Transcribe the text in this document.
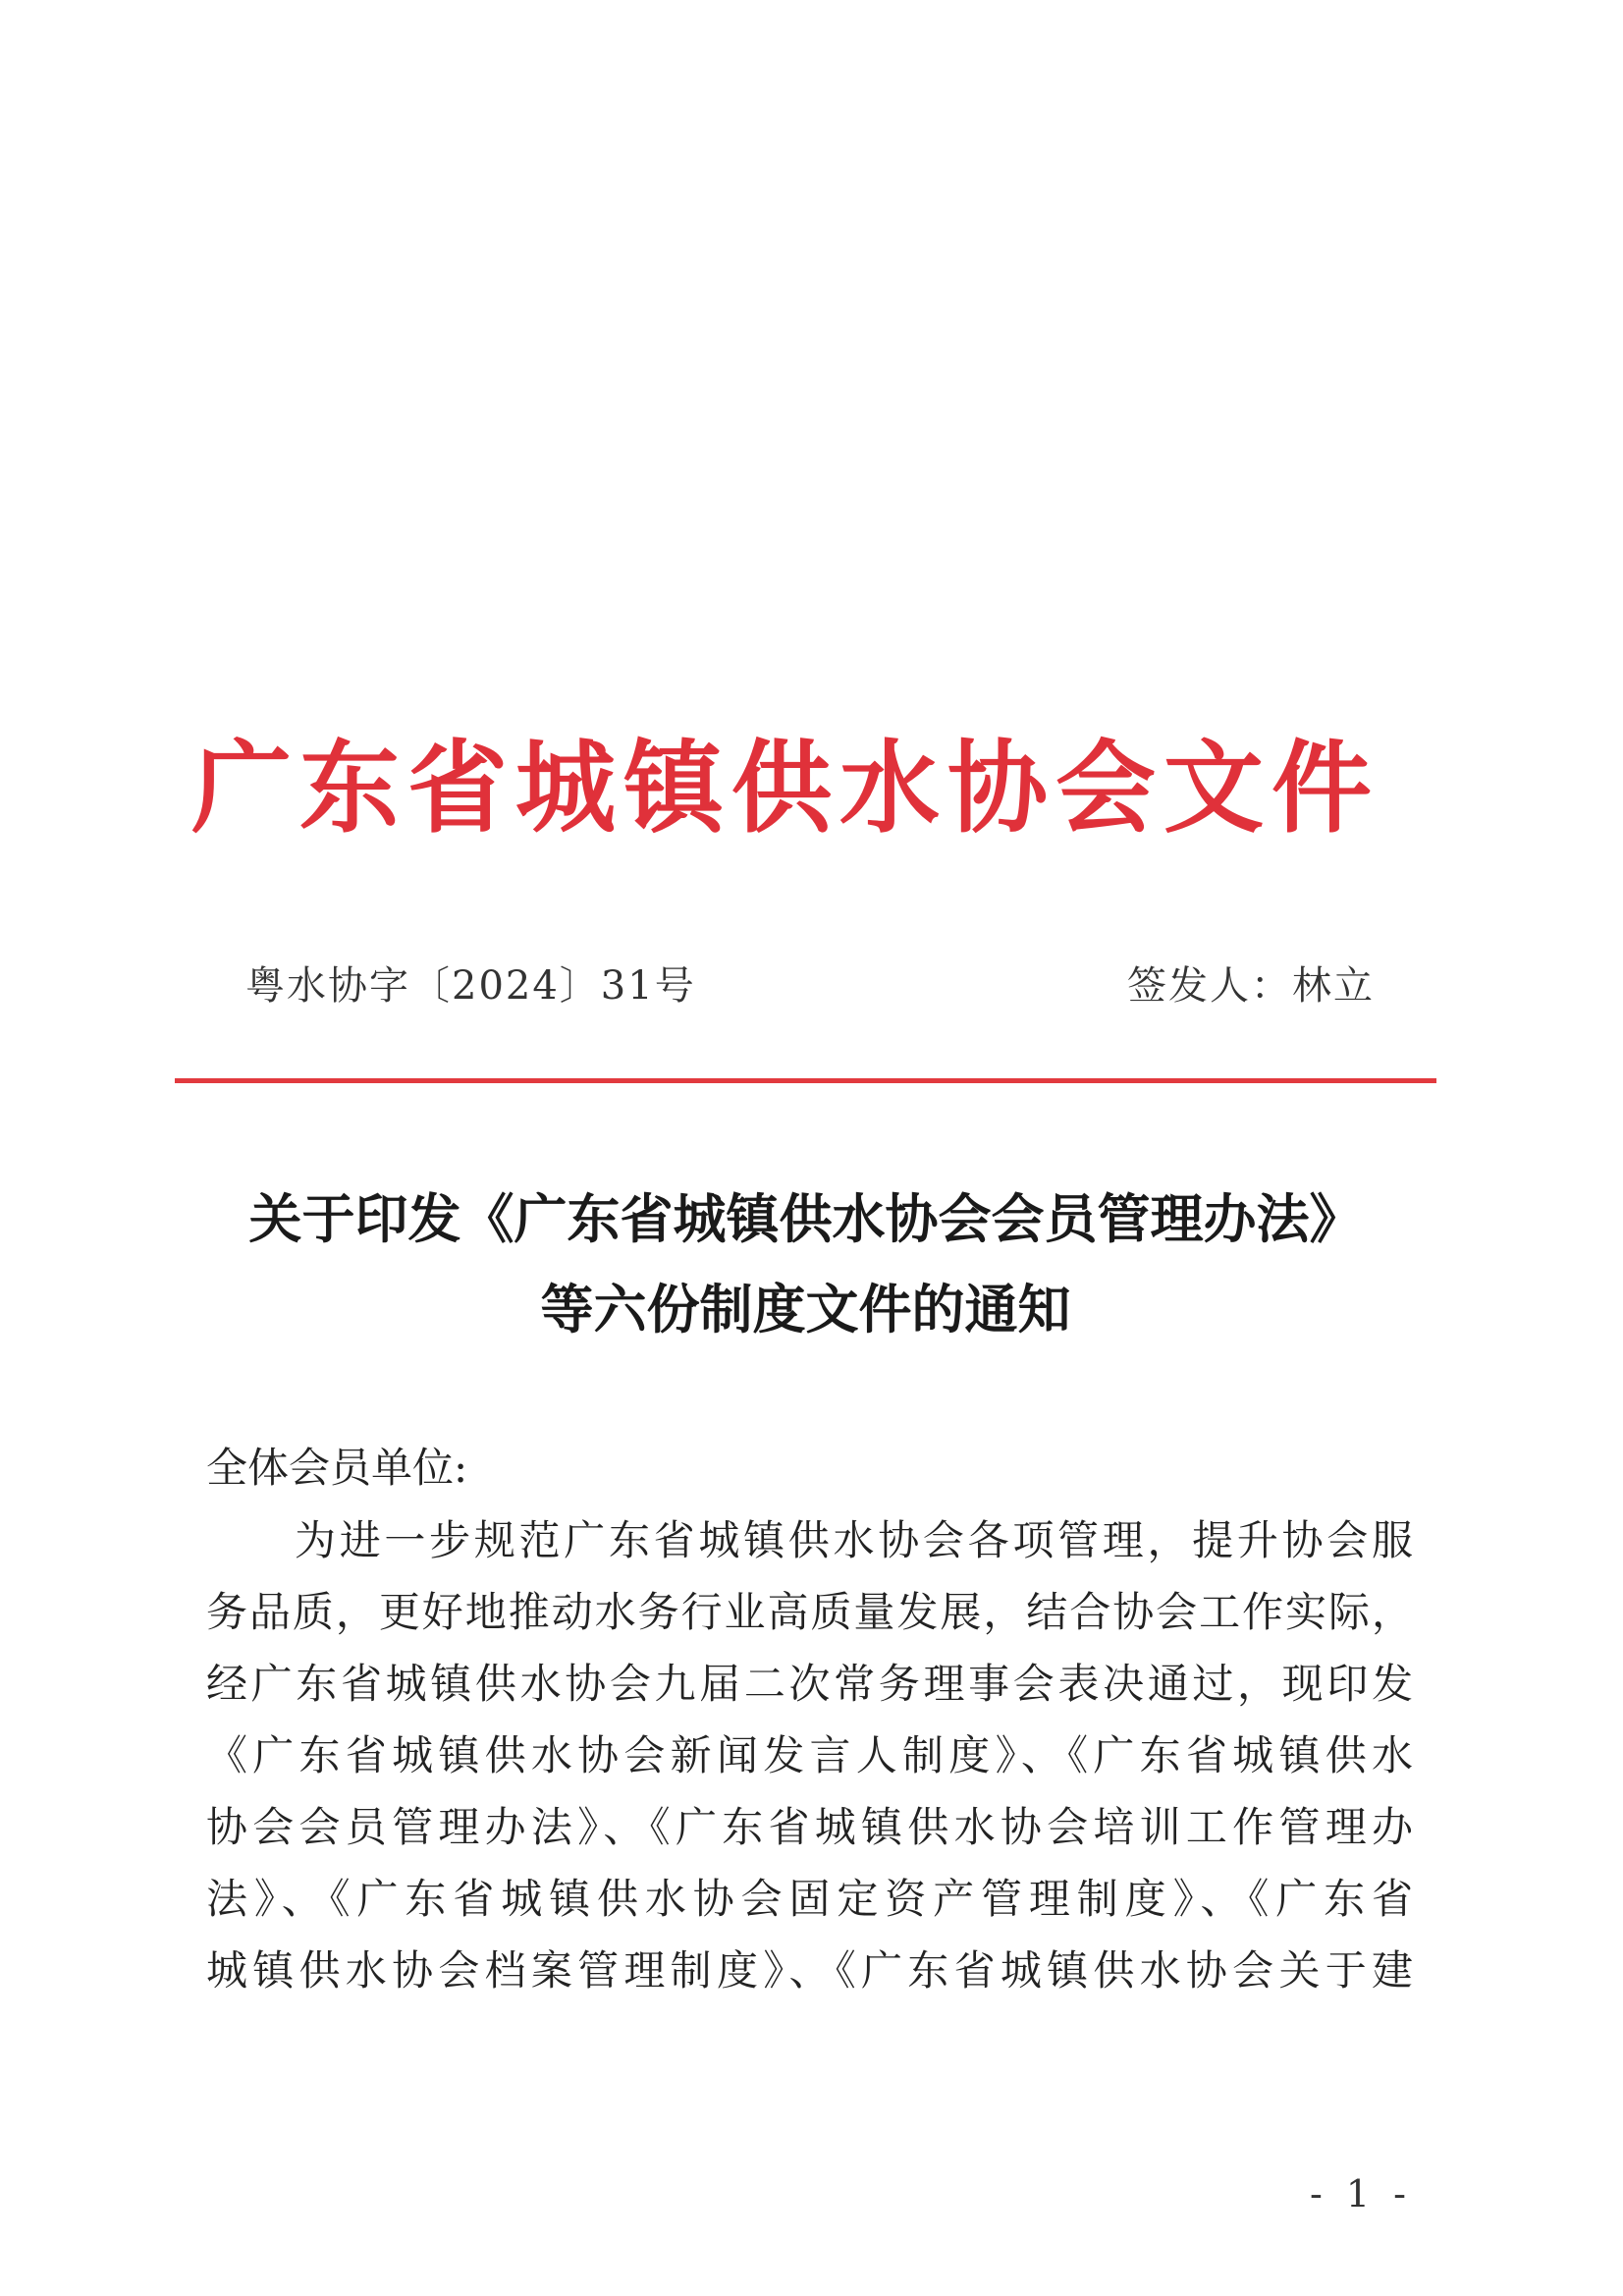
广东省城镇供水协会文件
粤水协字〔2024〕31号	签发人：林立
关于印发《广东省城镇供水协会会员管理办法》
等六份制度文件的通知
全体会员单位:
为进一步规范广东省城镇供水协会各项管理，提升协会服
务品质，更好地推动水务行业高质量发展，结合协会工作实际，
经广东省城镇供水协会九届二次常务理事会表决通过，现印发
《广东省城镇供水协会新闻发言人制度》、《广东省城镇供水
协会会员管理办法》、《广东省城镇供水协会培训工作管理办
法》、《广东省城镇供水协会固定资产管理制度》、《广东省
城镇供水协会档案管理制度》、《广东省城镇供水协会关于建
- 1 -
